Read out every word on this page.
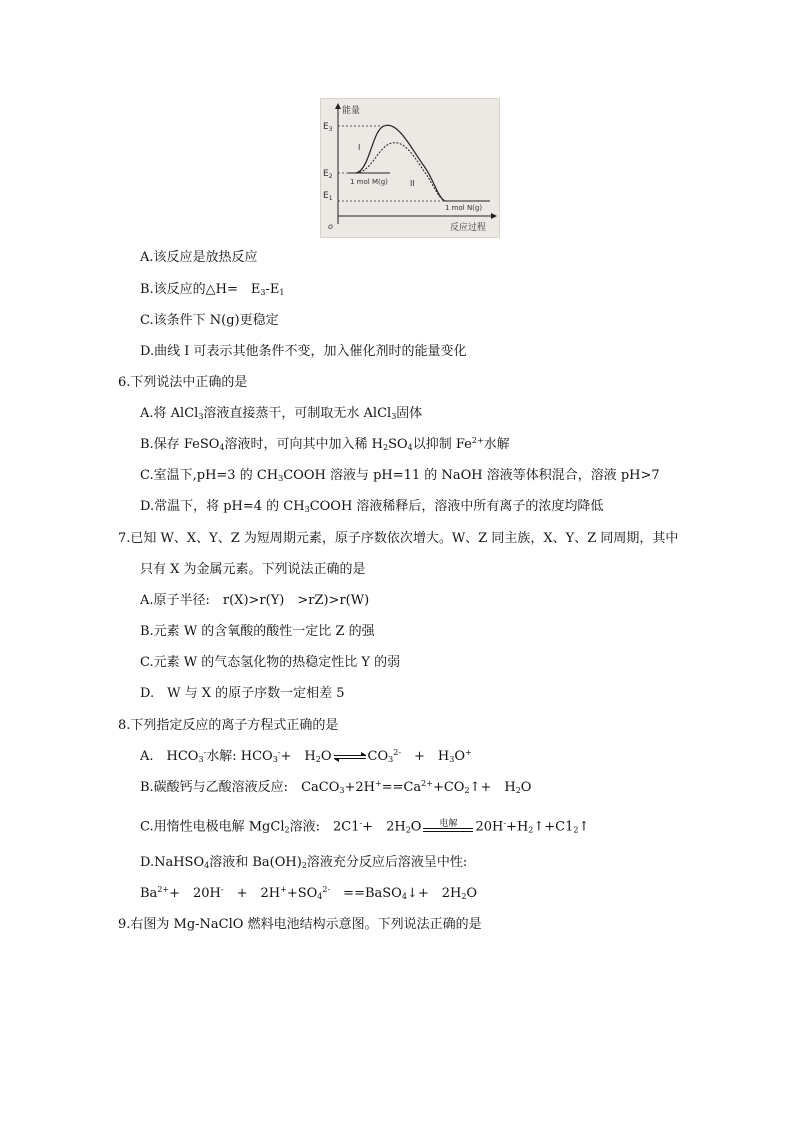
能量
反应过程
o
$E_3$
$E_2$
$E_1$
I
II
1 mol M(g)
1 mol N(g)
A.该反应是放热反应
B.该反应的△H=　$E_3-E_1$
C.该条件下 N(g)更稳定
D.曲线 I 可表示其他条件不变，加入催化剂时的能量变化
6.下列说法中正确的是
A.将 AlCl$_3$溶液直接蒸干，可制取无水 AlCl$_3$固体
B.保存 FeSO$_4$溶液时，可向其中加入稀 $H_2SO_4$以抑制 $Fe^{2+}$水解
C.室温下,pH=3 的 $CH_3COOH$ 溶液与 pH=11 的 NaOH 溶液等体积混合，溶液 pH>7
D.常温下，将 pH=4 的 $CH_3COOH$ 溶液稀释后，溶液中所有离子的浓度均降低
7.已知 W、X、Y、Z 为短周期元素，原子序数依次增大。W、Z 同主族，X、Y、Z 同周期，其中
只有 X 为金属元素。下列说法正确的是
A.原子半径:　r(X)>r(Y)　>rZ)>r(W)
B.元素 W 的含氧酸的酸性一定比 Z 的强
C.元素 W 的气态氢化物的热稳定性比 Y 的弱
D.　W 与 X 的原子序数一定相差 5
8.下列指定反应的离子方程式正确的是
A.　$HCO_3^-$水解: $HCO_3^-+$　$H_2O$ ⇌ $CO_3^{2-}$　+　$H_3O^+$
B.碳酸钙与乙酸溶液反应:　$CaCO_3+2H^+==Ca^{2+}+CO_2↑+$　$H_2O$
C.用惰性电极电解 MgCl$_2$溶液:　2C1-+　$2H_2O$	电解	$20H^-+H_2↑+C1_2↑$
D.NaHSO$_4$溶液和 $Ba(OH)_2$溶液充分反应后溶液呈中性:
$Ba^{2+}+$　20H-　+　$2H^++SO_4^{2-}$　==BaSO$_4$↓+　$2H_2O$
9.右图为 Mg-NaClO 燃料电池结构示意图。下列说法正确的是
